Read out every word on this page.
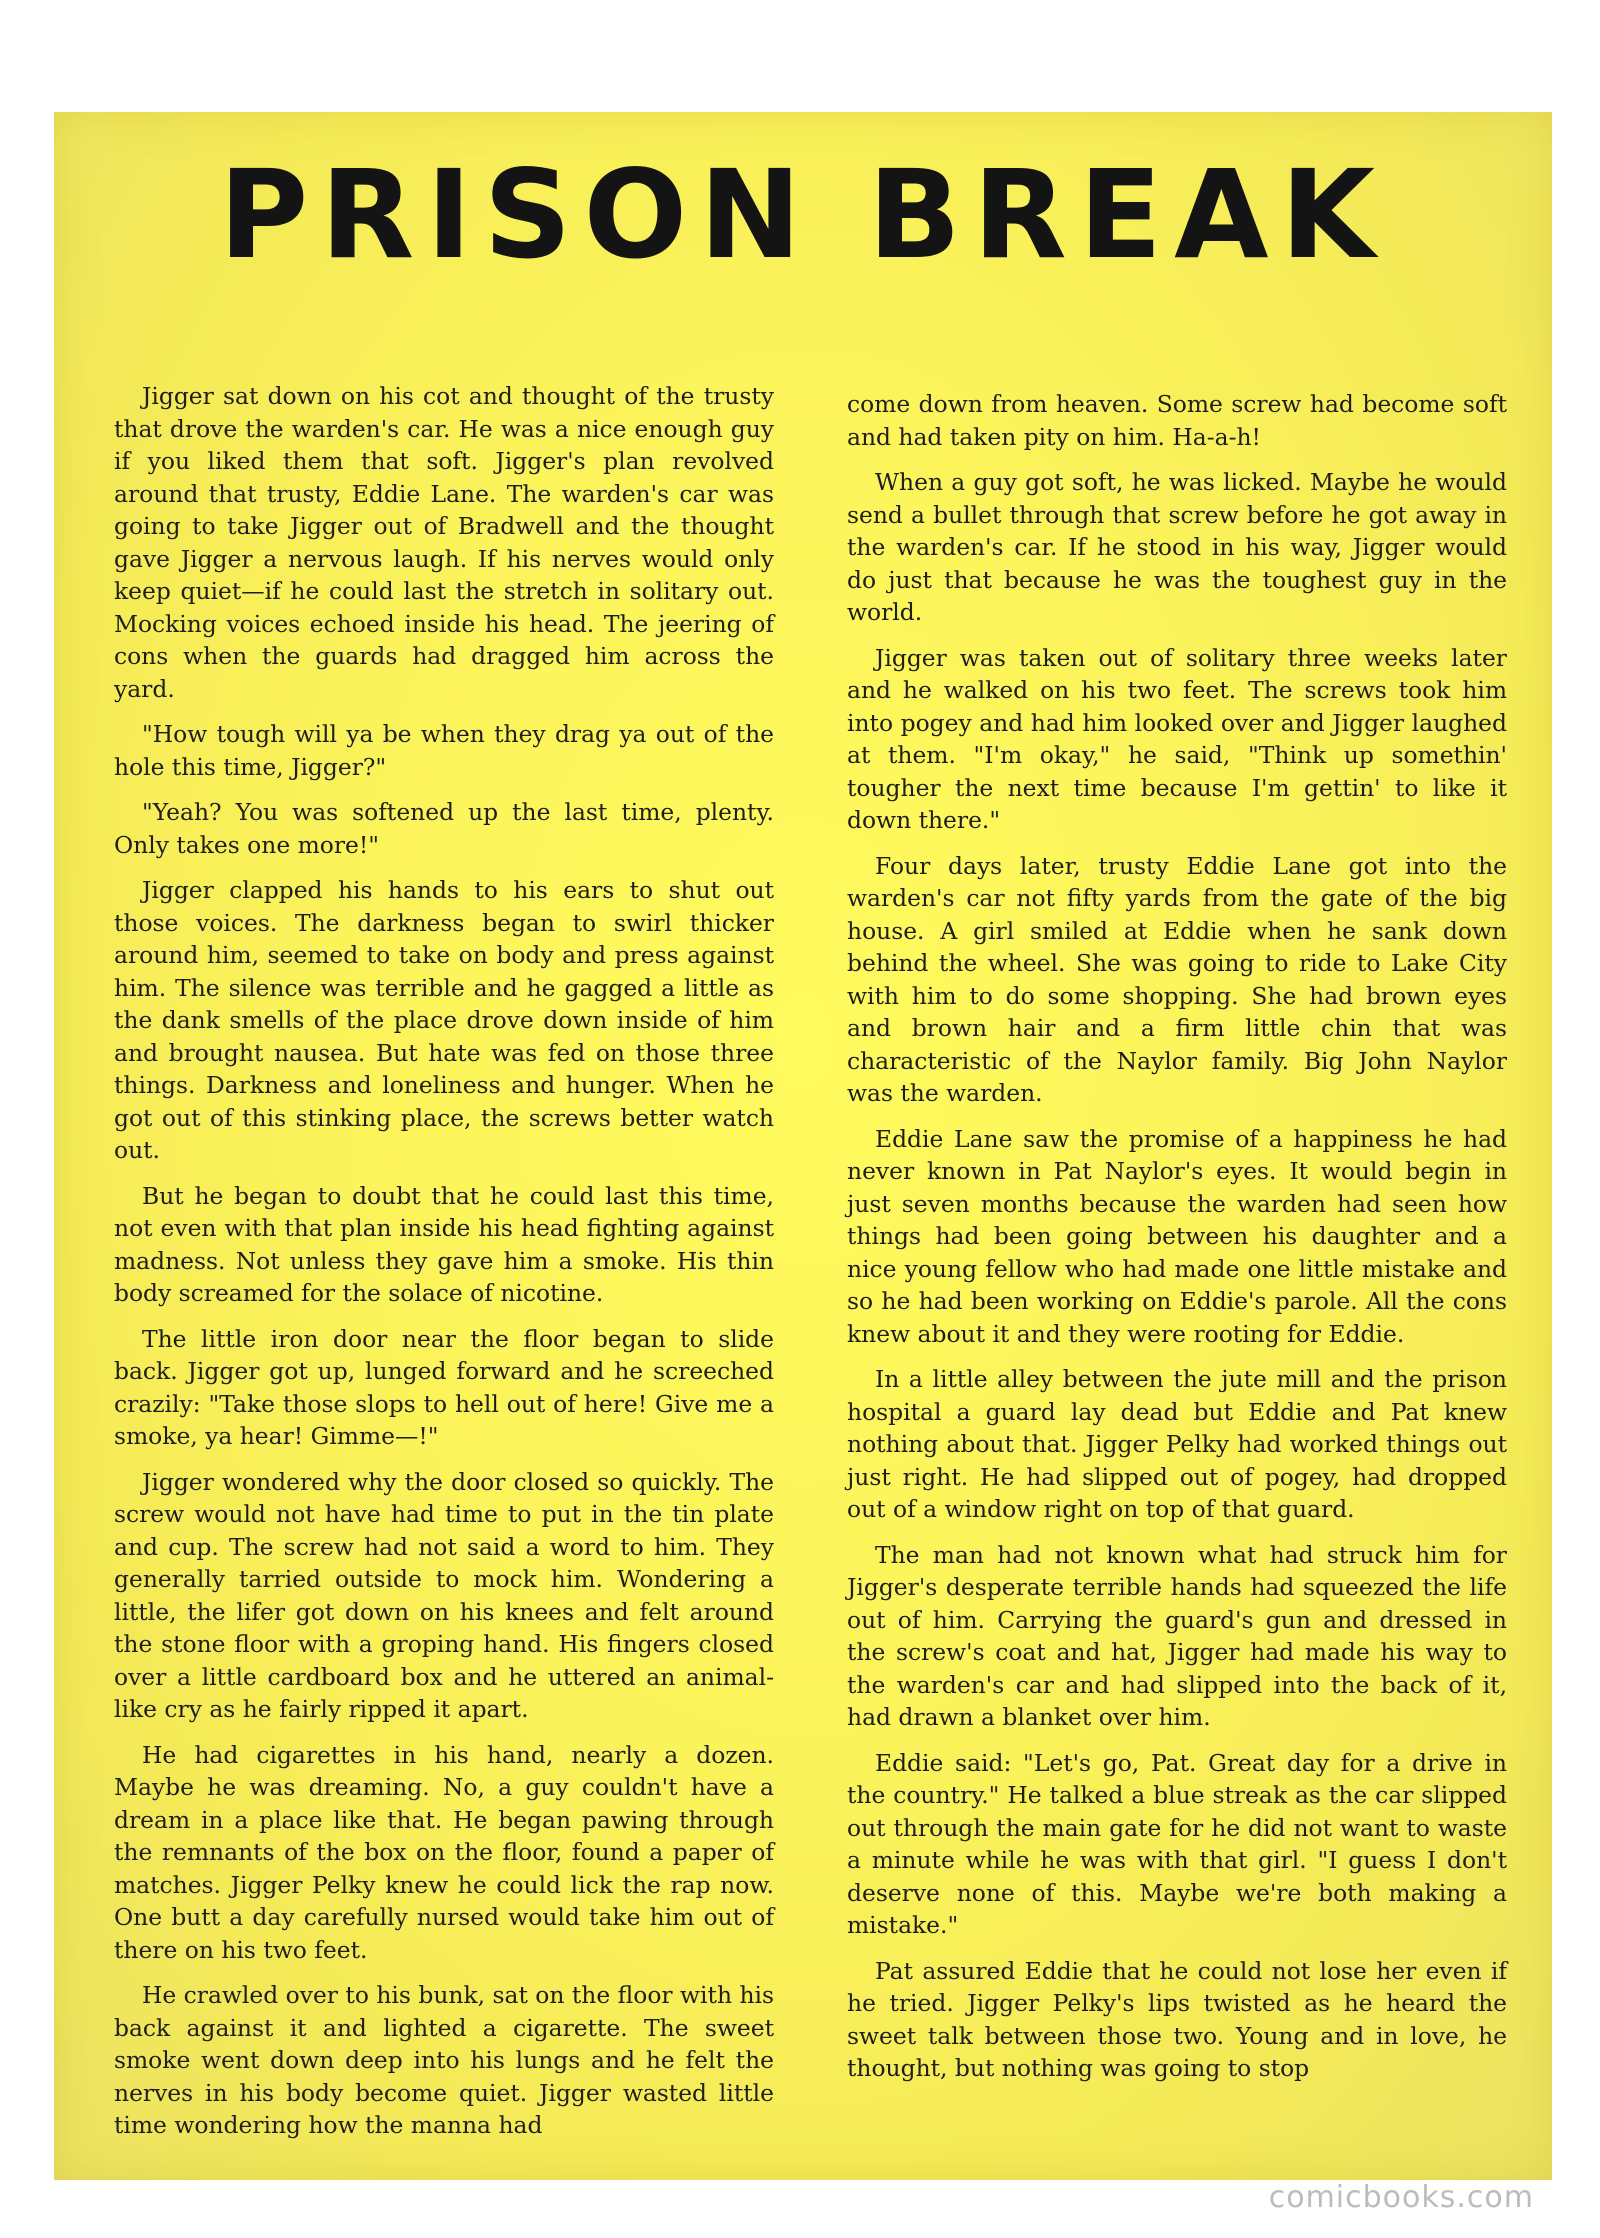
PRISON BREAK

Jigger sat down on his cot and thought of the trusty that drove the warden's car. He was a nice enough guy if you liked them that soft. Jigger's plan revolved around that trusty, Eddie Lane. The warden's car was going to take Jigger out of Bradwell and the thought gave Jigger a nervous laugh. If his nerves would only keep quiet—if he could last the stretch in solitary out. Mocking voices echoed inside his head. The jeering of cons when the guards had dragged him across the yard.

"How tough will ya be when they drag ya out of the hole this time, Jigger?"

"Yeah? You was softened up the last time, plenty. Only takes one more!"

Jigger clapped his hands to his ears to shut out those voices. The darkness began to swirl thicker around him, seemed to take on body and press against him. The silence was terrible and he gagged a little as the dank smells of the place drove down inside of him and brought nausea. But hate was fed on those three things. Darkness and loneliness and hunger. When he got out of this stinking place, the screws better watch out.

But he began to doubt that he could last this time, not even with that plan inside his head fighting against madness. Not unless they gave him a smoke. His thin body screamed for the solace of nicotine.

The little iron door near the floor began to slide back. Jigger got up, lunged forward and he screeched crazily: "Take those slops to hell out of here! Give me a smoke, ya hear! Gimme—!"

Jigger wondered why the door closed so quickly. The screw would not have had time to put in the tin plate and cup. The screw had not said a word to him. They generally tarried outside to mock him. Wondering a little, the lifer got down on his knees and felt around the stone floor with a groping hand. His fingers closed over a little cardboard box and he uttered an animal-like cry as he fairly ripped it apart.

He had cigarettes in his hand, nearly a dozen. Maybe he was dreaming. No, a guy couldn't have a dream in a place like that. He began pawing through the remnants of the box on the floor, found a paper of matches. Jigger Pelky knew he could lick the rap now. One butt a day carefully nursed would take him out of there on his two feet.

He crawled over to his bunk, sat on the floor with his back against it and lighted a cigarette. The sweet smoke went down deep into his lungs and he felt the nerves in his body become quiet. Jigger wasted little time wondering how the manna had

come down from heaven. Some screw had become soft and had taken pity on him. Ha-a-h!

When a guy got soft, he was licked. Maybe he would send a bullet through that screw before he got away in the warden's car. If he stood in his way, Jigger would do just that because he was the toughest guy in the world.

Jigger was taken out of solitary three weeks later and he walked on his two feet. The screws took him into pogey and had him looked over and Jigger laughed at them. "I'm okay," he said, "Think up somethin' tougher the next time because I'm gettin' to like it down there."

Four days later, trusty Eddie Lane got into the warden's car not fifty yards from the gate of the big house. A girl smiled at Eddie when he sank down behind the wheel. She was going to ride to Lake City with him to do some shopping. She had brown eyes and brown hair and a firm little chin that was characteristic of the Naylor family. Big John Naylor was the warden.

Eddie Lane saw the promise of a happiness he had never known in Pat Naylor's eyes. It would begin in just seven months because the warden had seen how things had been going between his daughter and a nice young fellow who had made one little mistake and so he had been working on Eddie's parole. All the cons knew about it and they were rooting for Eddie.

In a little alley between the jute mill and the prison hospital a guard lay dead but Eddie and Pat knew nothing about that. Jigger Pelky had worked things out just right. He had slipped out of pogey, had dropped out of a window right on top of that guard.

The man had not known what had struck him for Jigger's desperate terrible hands had squeezed the life out of him. Carrying the guard's gun and dressed in the screw's coat and hat, Jigger had made his way to the warden's car and had slipped into the back of it, had drawn a blanket over him.

Eddie said: "Let's go, Pat. Great day for a drive in the country." He talked a blue streak as the car slipped out through the main gate for he did not want to waste a minute while he was with that girl. "I guess I don't deserve none of this. Maybe we're both making a mistake."

Pat assured Eddie that he could not lose her even if he tried. Jigger Pelky's lips twisted as he heard the sweet talk between those two. Young and in love, he thought, but nothing was going to stop

comicbooks.com
